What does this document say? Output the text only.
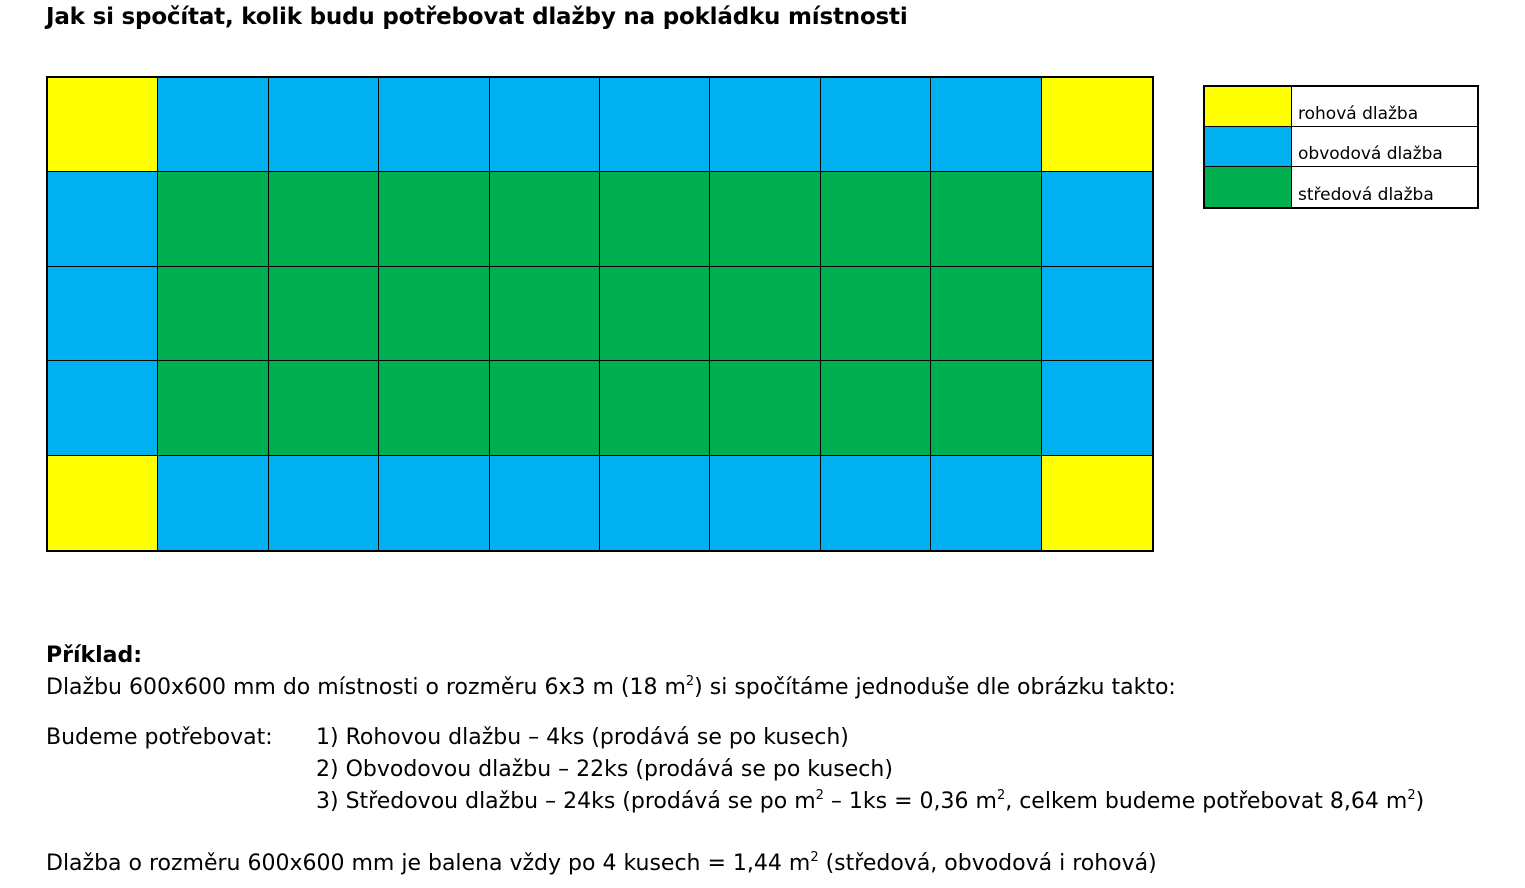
Jak si spočítat, kolik budu potřebovat dlažby na pokládku místnosti
rohová dlažba
obvodová dlažba
středová dlažba
Příklad:
Dlažbu 600x600 mm do místnosti o rozměru 6x3 m (18 $m^2$) si spočítáme jednoduše dle obrázku takto:
Budeme potřebovat:	1) Rohovou dlažbu – 4ks (prodává se po kusech)
2) Obvodovou dlažbu – 22ks (prodává se po kusech)
3) Středovou dlažbu – 24ks (prodává se po $m^2 - 1ks = 0,36$ $m^2$, celkem budeme potřebovat 8,64 $m^2$)
Dlažba o rozměru 600x600 mm je balena vždy po 4 kusech = 1,44 $m^2$ (středová, obvodová i rohová)
